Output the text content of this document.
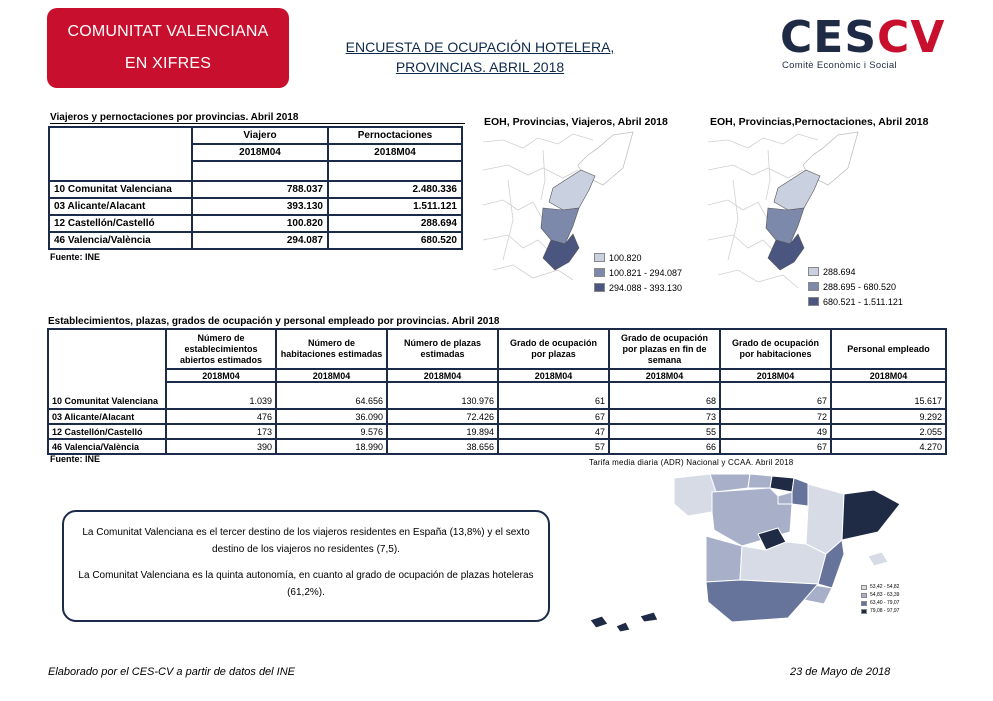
COMUNITAT VALENCIANA
EN XIFRES
ENCUESTA DE OCUPACIÓN HOTELERA,
PROVINCIAS. ABRIL 2018
CESCV
Comitè Econòmic i Social
Viajeros y pernoctaciones por provincias. Abril 2018
	Viajero	Pernoctaciones
	2018M04	2018M04

10 Comunitat Valenciana	788.037	2.480.336
03 Alicante/Alacant	393.130	1.511.121
12 Castellón/Castelló	100.820	288.694
46 Valencia/València	294.087	680.520
Fuente: INE
EOH, Provincias, Viajeros, Abril 2018
100.820
100.821 - 294.087
294.088 - 393.130
EOH, Provincias,Pernoctaciones, Abril 2018
288.694
288.695 - 680.520
680.521 - 1.511.121
Establecimientos, plazas, grados de ocupación y personal empleado por provincias. Abril 2018
	Número de establecimientos abiertos estimados	Número de habitaciones estimadas	Número de plazas estimadas	Grado de ocupación por plazas	Grado de ocupación por plazas en fin de semana	Grado de ocupación por habitaciones	Personal empleado
	2018M04	2018M04	2018M04	2018M04	2018M04	2018M04	2018M04

10 Comunitat Valenciana	1.039	64.656	130.976	61	68	67	15.617
03 Alicante/Alacant	476	36.090	72.426	67	73	72	9.292
12 Castellón/Castelló	173	9.576	19.894	47	55	49	2.055
46 Valencia/València	390	18.990	38.656	57	66	67	4.270
Fuente: INE	Tarifa media diaria (ADR) Nacional y CCAA. Abril 2018
53,42 - 54,82
54,83 - 63,39
63,40 - 79,07
79,08 - 97,97

La Comunitat Valenciana es el tercer destino de los viajeros residentes en España (13,8%) y el sexto destino de los viajeros no residentes (7,5).

La Comunitat Valenciana es la quinta autonomía, en cuanto al grado de ocupación de plazas hoteleras (61,2%).

Elaborado por el CES-CV a partir de datos del INE	23 de Mayo de 2018
